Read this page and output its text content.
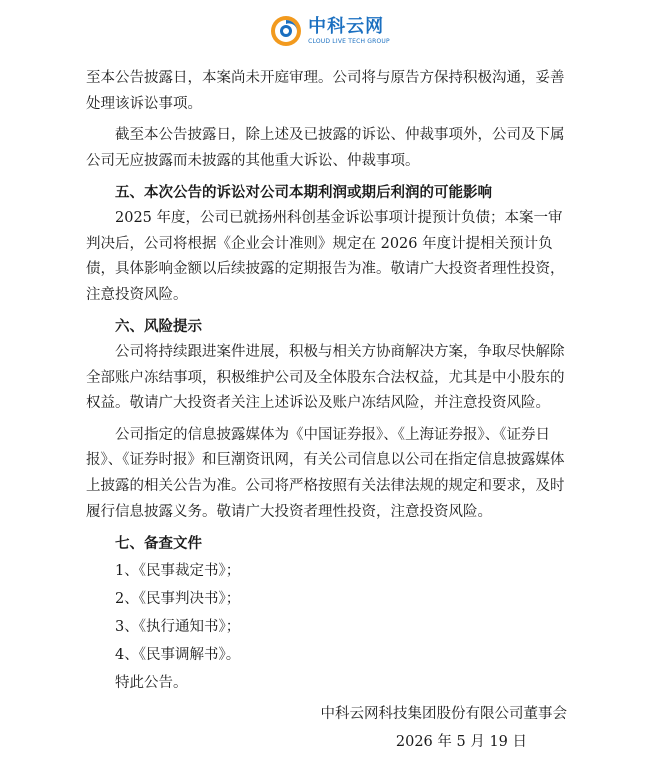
中科云网
CLOUD LIVE TECH GROUP

至本公告披露日，本案尚未开庭审理。公司将与原告方保持积极沟通，妥善处理该诉讼事项。

截至本公告披露日，除上述及已披露的诉讼、仲裁事项外，公司及下属公司无应披露而未披露的其他重大诉讼、仲裁事项。

五、本次公告的诉讼对公司本期利润或期后利润的可能影响

2025 年度，公司已就扬州科创基金诉讼事项计提预计负债；本案一审判决后，公司将根据《企业会计准则》规定在 2026 年度计提相关预计负债，具体影响金额以后续披露的定期报告为准。敬请广大投资者理性投资，注意投资风险。

六、风险提示

公司将持续跟进案件进展，积极与相关方协商解决方案，争取尽快解除全部账户冻结事项，积极维护公司及全体股东合法权益，尤其是中小股东的权益。敬请广大投资者关注上述诉讼及账户冻结风险，并注意投资风险。

公司指定的信息披露媒体为《中国证券报》、《上海证券报》、《证券日报》、《证券时报》和巨潮资讯网，有关公司信息以公司在指定信息披露媒体上披露的相关公告为准。公司将严格按照有关法律法规的规定和要求，及时履行信息披露义务。敬请广大投资者理性投资，注意投资风险。

七、备查文件

1、《民事裁定书》；

2、《民事判决书》；

3、《执行通知书》；

4、《民事调解书》。

特此公告。

中科云网科技集团股份有限公司董事会
2026 年 5 月 19 日
